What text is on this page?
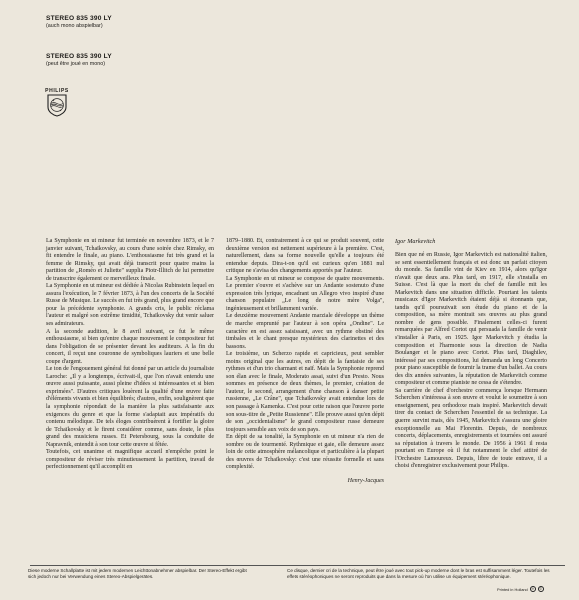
STEREO 835 390 LY
(auch mono abspielbar)
STEREO 835 390 LY
(peut être joué en mono)
PHILIPS
✦
✦

La Symphonie en ut mineur fut terminée en novembre 1873, et le 7 janvier suivant, Tchaïkovsky, au cours d'une soirée chez Rimsky, en fit entendre le finale, au piano. L'enthousiasme fut très grand et la femme de Rimsky, qui avait déjà transcrit pour quatre mains la partition de „Roméo et Juliette" supplia Piotr-Illitch de lui permettre de transcrire également ce merveilleux finale.

La Symphonie en ut mineur est dédiée à Nicolas Rubinstein lequel en assura l'exécution, le 7 février 1873, à l'un des concerts de la Société Russe de Musique. Le succès en fut très grand, plus grand encore que pour la précédente symphonie. A grands cris, le public réclama l'auteur et malgré son extrême timidité, Tchaïkovsky dut venir saluer ses admirateurs.

A la seconde audition, le 8 avril suivant, ce fut le même enthousiasme, si bien qu'entre chaque mouvement le compositeur fut dans l'obligation de se présenter devant les auditeurs. A la fin du concert, il reçut une couronne de symboliques lauriers et une belle coupe d'argent.

Le ton de l'engouement général fut donné par un article du journaliste Laroche: „Il y a longtemps, écrivait-il, que l'on n'avait entendu une œuvre aussi puissante, aussi pleine d'idées si intéressantes et si bien exprimées". D'autres critiques louèrent la qualité d'une œuvre faite d'éléments vivants et bien équilibrés; d'autres, enfin, soulignèrent que la symphonie répondait de la manière la plus satisfaisante aux exigences du genre et que la forme s'adaptait aux impératifs du contenu mélodique. De tels éloges contribuèrent à fortifier la gloire de Tchaïkovsky et le firent considérer comme, sans doute, le plus grand des musiciens russes. Et Petersbourg, sous la conduite de Napravnik, entendit à son tour cette œuvre si fêtée.

Toutefois, cet unanime et magnifique accueil n'empêche point le compositeur de réviser très minutieusement la partition, travail de perfectionnement qu'il accomplit en

1879–1880. Et, contrairement à ce qui se produit souvent, cette deuxième version est nettement supérieure à la première. C'est, naturellement, dans sa forme nouvelle qu'elle a toujours été entendue depuis. Dira-t-on qu'il est curieux qu'en 1881 nul critique ne s'avisa des changements apportés par l'auteur.

La Symphonie en ut mineur se compose de quatre mouvements. Le premier s'ouvre et s'achève sur un Andante sostenuto d'une expression très lyrique, encadrant un Allegro vivo inspiré d'une chanson populaire „Le long de notre mère Volga", ingénieusement et brillamment variée.

Le deuxième mouvement Andante marziale développe un thème de marche emprunté par l'auteur à son opéra „Ondine". Le caractère en est assez saisissant, avec un rythme obstiné des timbales et le chant presque mystérieux des clarinettes et des bassons.

Le troisième, un Scherzo rapide et capricieux, peut sembler moins original que les autres, en dépit de la fantaisie de ses rythmes et d'un trio charmant et naïf. Mais la Symphonie reprend son élan avec le finale, Moderato assai, suivi d'un Presto. Nous sommes en présence de deux thèmes, le premier, création de l'auteur, le second, arrangement d'une chanson à danser petite russienne, „Le Crâne", que Tchaïkovsky avait entendue lors de son passage à Kamenka. C'est pour cette raison que l'œuvre porte son sous-titre de „Petite Russienne". Elle prouve aussi qu'en dépit de son „occidentalisme" le grand compositeur russe demeure toujours sensible aux voix de son pays.

En dépit de sa tonalité, la Symphonie en ut mineur n'a rien de sombre ou de tourmenté. Rythmique et gaie, elle demeure assez loin de cette atmosphère mélancolique et particulière à la plupart des œuvres de Tchaïkovsky: c'est une réussite formelle et sans complexité.

Henry-Jacques
Igor Markevitch

Bien que né en Russie, Igor Markevitch est nationalité italien, se sent essentiellement français et est donc un parfait citoyen du monde. Sa famille vint de Kiev en 1914, alors qu'Igor n'avait que deux ans. Plus tard, en 1917, elle s'installa en Suisse. C'est là que la mort du chef de famille mit les Markevitch dans une situation difficile. Pourtant les talents musicaux d'Igor Markevitch étaient déjà si étonnants que, tandis qu'il poursuivait son étude du piano et de la composition, sa mère montrait ses œuvres au plus grand nombre de gens possible. Finalement celles-ci furent remarquées par Alfred Cortot qui persuada la famille de venir s'installer à Paris, en 1925. Igor Markevitch y étudia la composition et l'harmonie sous la direction de Nadia Boulanger et le piano avec Cortot. Plus tard, Diaghilev, intéressé par ses compositions, lui demanda un long Concerto pour piano susceptible de fournir la trame d'un ballet. Au cours des dix années suivantes, la réputation de Markevitch comme compositeur et comme pianiste ne cessa de s'étendre.

Sa carrière de chef d'orchestre commença lorsque Hermann Scherchen s'intéressa à son œuvre et voulut le soumettre à son enseignement, peu orthodoxe mais inspiré. Markevitch devait tirer du contact de Scherchen l'essentiel de sa technique. La guerre survint mais, dès 1945, Markevitch s'assura une gloire exceptionnelle au Mai Florentin. Depuis, de nombreux concerts, déplacements, enregistrements et tournées ont assuré sa réputation à travers le monde. De 1956 à 1961 il resta pourtant en Europe où il fut notamment le chef attitré de l'Orchestre Lamoureux. Depuis, libre de toute entrave, il a choisi d'enregistrer exclusivement pour Philips.

Diese moderne Schallplatte ist mit jedem modernen Leichttonabnehmer abspielbar. Der Stereo-Effekt ergibt sich jedoch nur bei Verwendung eines Stereo-Abspielgerätes.
Ce disque, dernier cri de la technique, peut être joué avec tout pick-up moderne dont le bras est suffisamment léger. Toutefois les effets stéréophoniques ne seront reproduits que dans la mesure où l'on utilise un équipement stéréophonique.
Printed in Holland	℗	©
